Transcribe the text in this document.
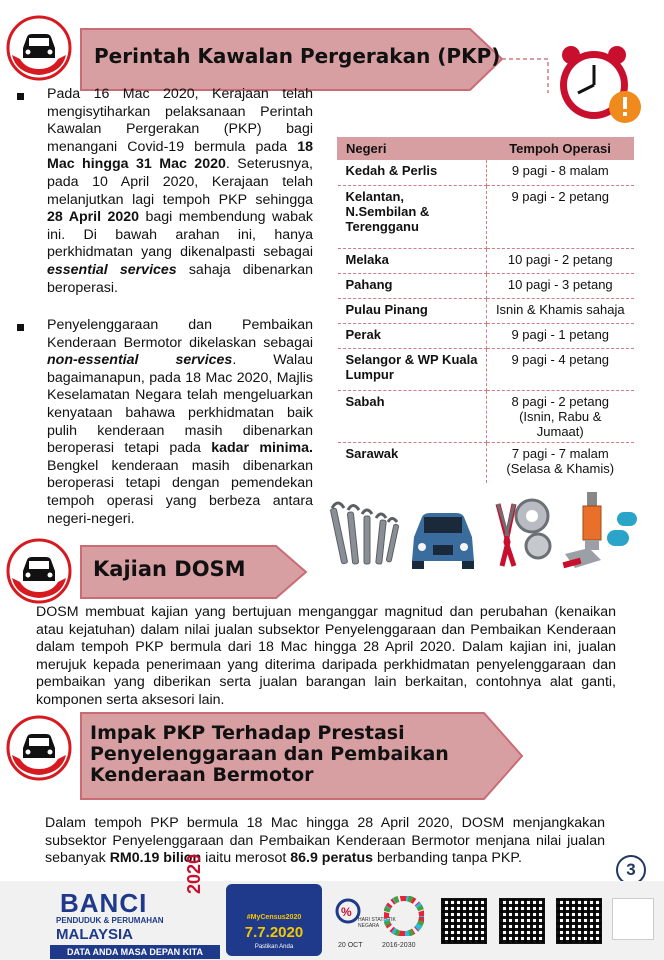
Perintah Kawalan Pergerakan (PKP)
Pada 16 Mac 2020, Kerajaan telah mengisytiharkan pelaksanaan Perintah Kawalan Pergerakan (PKP) bagi menangani Covid-19 bermula pada 18 Mac hingga 31 Mac 2020. Seterusnya, pada 10 April 2020, Kerajaan telah melanjutkan lagi tempoh PKP sehingga 28 April 2020 bagi membendung wabak ini. Di bawah arahan ini, hanya perkhidmatan yang dikenalpasti sebagai essential services sahaja dibenarkan beroperasi.
Penyelenggaraan dan Pembaikan Kenderaan Bermotor dikelaskan sebagai non-essential services. Walau bagaimanapun, pada 18 Mac 2020, Majlis Keselamatan Negara telah mengeluarkan kenyataan bahawa perkhidmatan baik pulih kenderaan masih dibenarkan beroperasi tetapi pada kadar minima. Bengkel kenderaan masih dibenarkan beroperasi tetapi dengan pemendekan tempoh operasi yang berbeza antara negeri-negeri.
Negeri	Tempoh Operasi
Kedah & Perlis	9 pagi - 8 malam
Kelantan, N.Sembilan & Terengganu	9 pagi - 2 petang
Melaka	10 pagi - 2 petang
Pahang	10 pagi - 3 petang
Pulau Pinang	Isnin & Khamis sahaja
Perak	9 pagi - 1 petang
Selangor & WP Kuala Lumpur	9 pagi - 4 petang
Sabah	8 pagi - 2 petang (Isnin, Rabu & Jumaat)
Sarawak	7 pagi - 7 malam (Selasa & Khamis)
Kajian DOSM
DOSM membuat kajian yang bertujuan menganggar magnitud dan perubahan (kenaikan atau kejatuhan) dalam nilai jualan subsektor Penyelenggaraan dan Pembaikan Kenderaan dalam tempoh PKP bermula dari 18 Mac hingga 28 April 2020. Dalam kajian ini, jualan merujuk kepada penerimaan yang diterima daripada perkhidmatan penyelenggaraan dan pembaikan yang diberikan serta jualan barangan lain berkaitan, contohnya alat ganti, komponen serta aksesori lain.
Impak PKP Terhadap Prestasi
Penyelenggaraan dan Pembaikan
Kenderaan Bermotor
Dalam tempoh PKP bermula 18 Mac hingga 28 April 2020, DOSM menjangkakan subsektor Penyelenggaraan dan Pembaikan Kenderaan Bermotor menjana nilai jualan sebanyak RM0.19 bilion iaitu merosot 86.9 peratus berbanding tanpa PKP.
3
BANCI
PENDUDUK & PERUMAHAN
MALAYSIA
2020
DATA ANDA MASA DEPAN KITA
#MyCensus2020
7.7.2020
Pastikan Anda
%
HARI STATISTIK NEGARA
20 OCT	2016-2030
